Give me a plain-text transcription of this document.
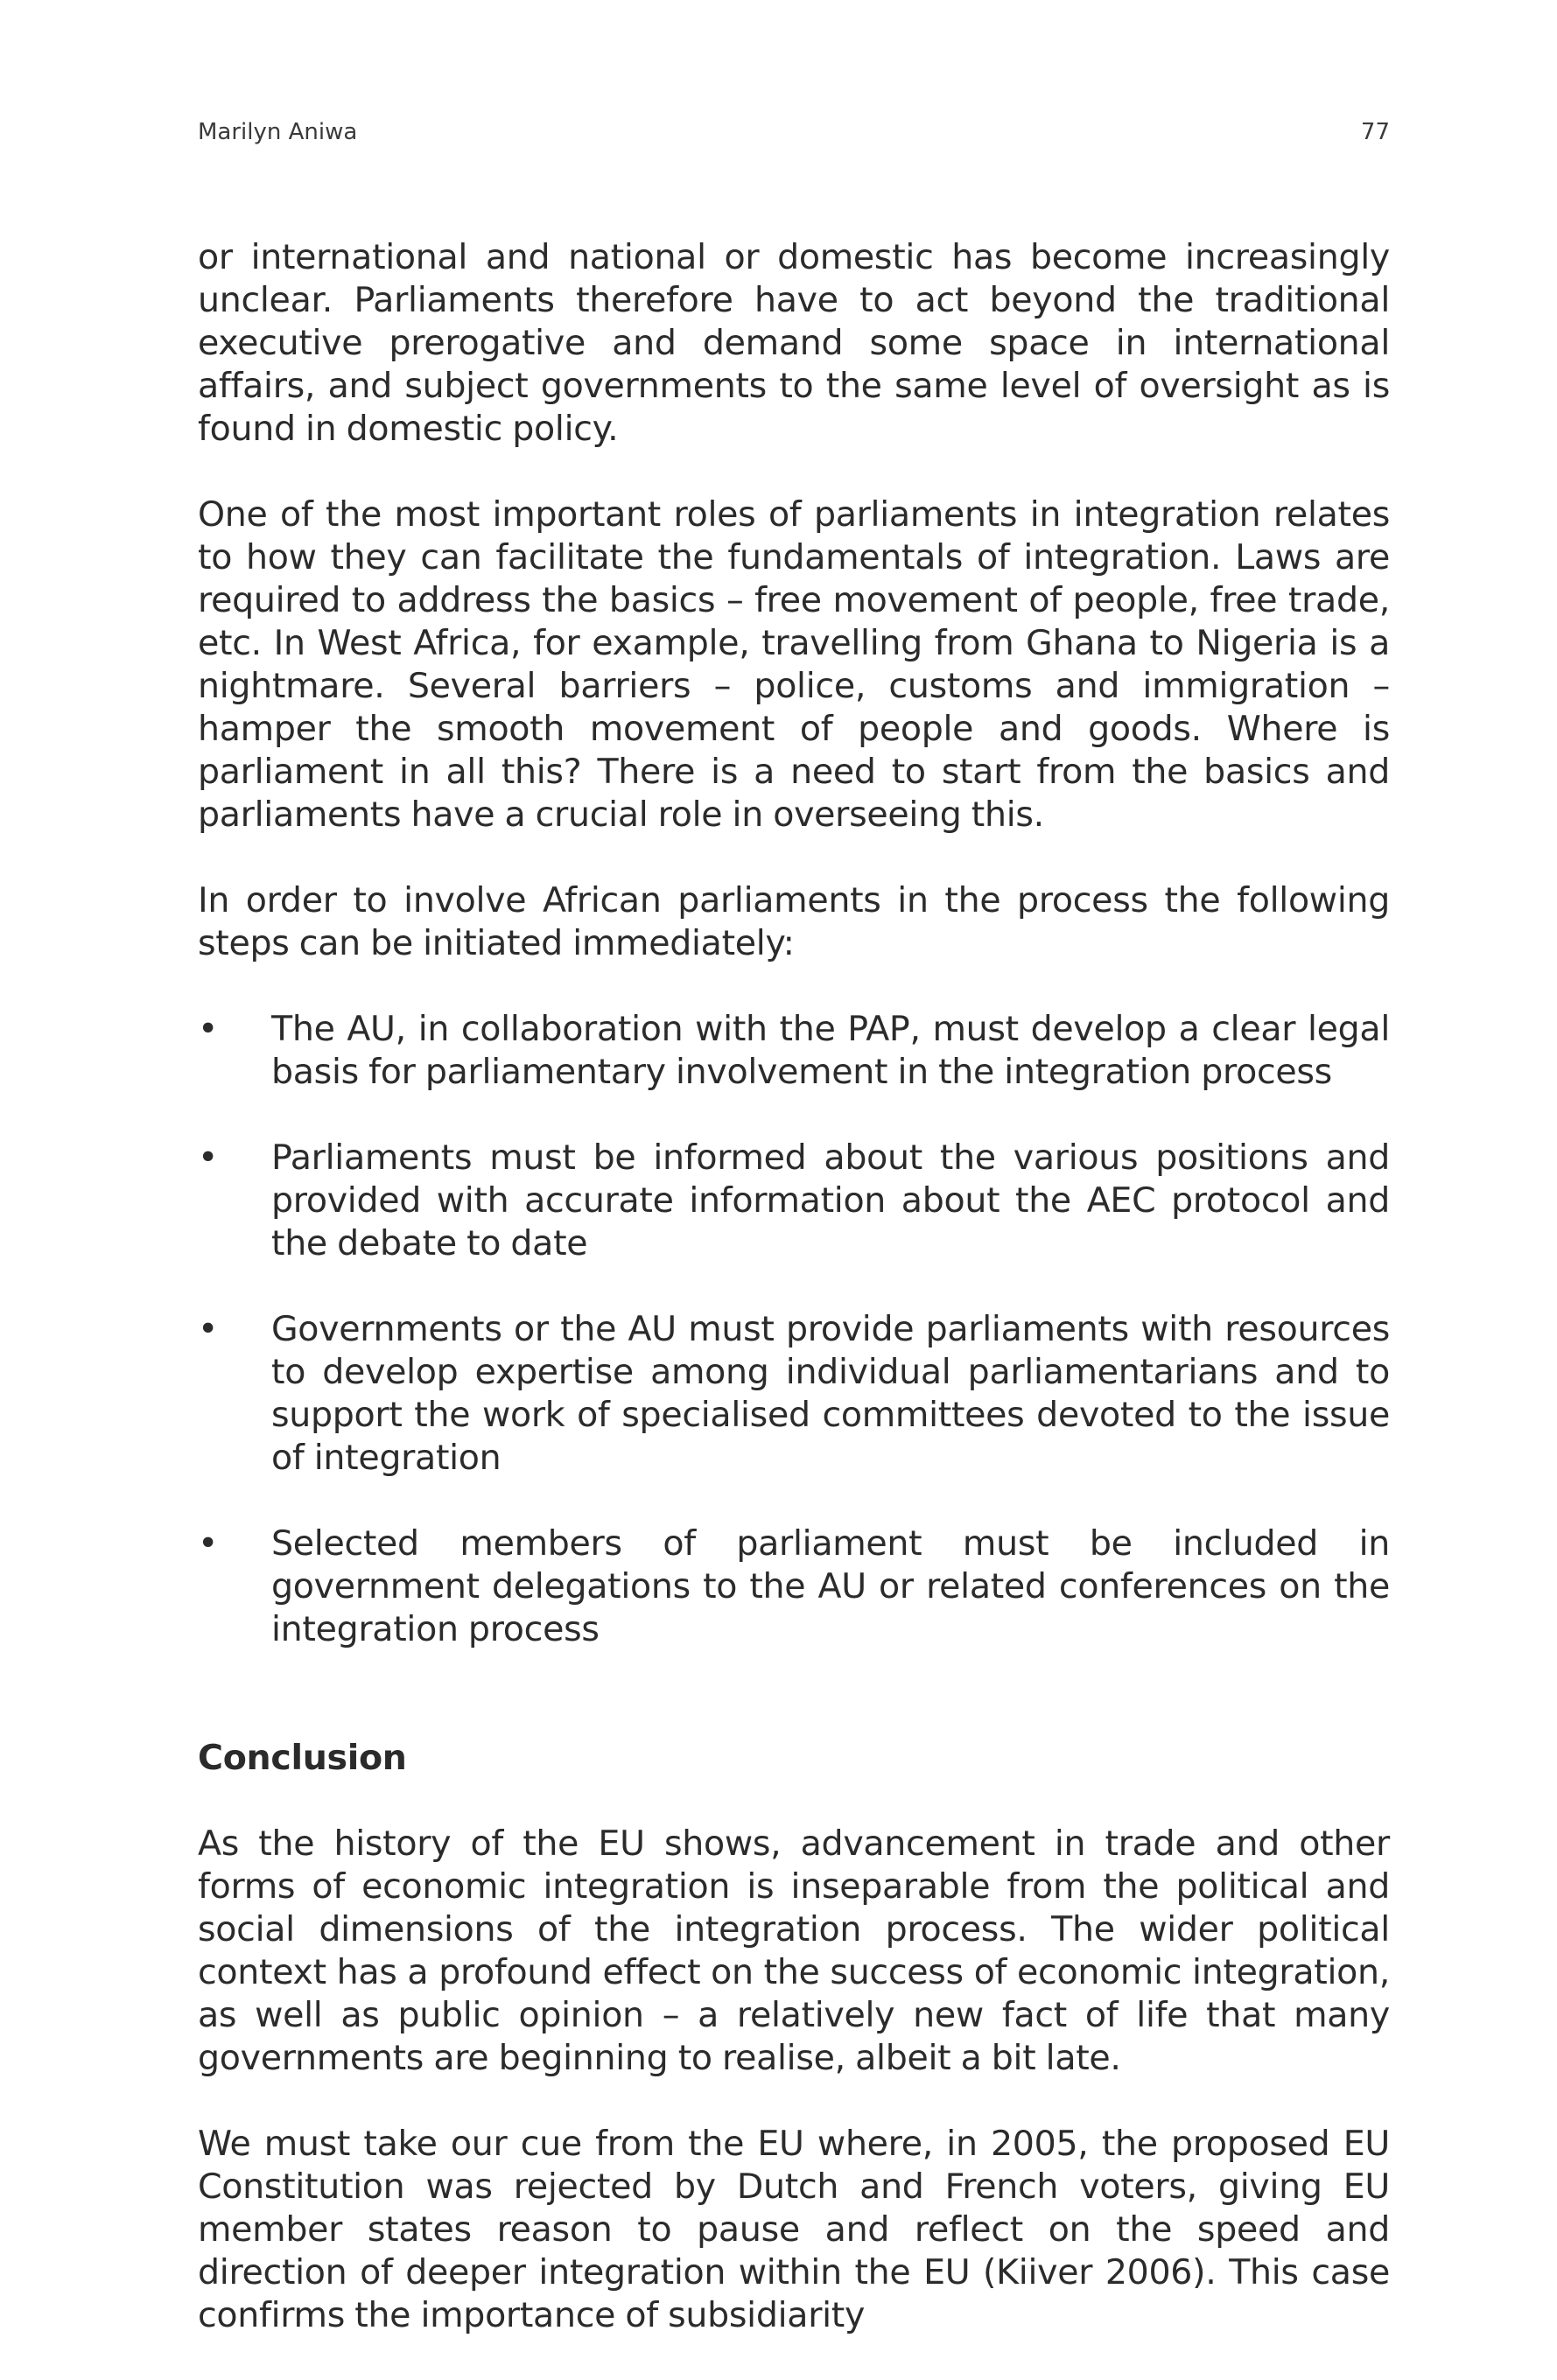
Marilyn Aniwa	77

or international and national or domestic has become increasingly unclear. Parliaments therefore have to act beyond the traditional executive prerogative and demand some space in international affairs, and subject governments to the same level of oversight as is found in domestic policy.

One of the most important roles of parliaments in integration relates to how they can facilitate the fundamentals of integration. Laws are required to address the basics – free movement of people, free trade, etc. In West Africa, for example, travelling from Ghana to Nigeria is a nightmare. Several barriers – police, customs and immigration – hamper the smooth movement of people and goods. Where is parliament in all this? There is a need to start from the basics and parliaments have a crucial role in overseeing this.

In order to involve African parliaments in the process the following steps can be initiated immediately:

• The AU, in collaboration with the PAP, must develop a clear legal basis for parliamentary involvement in the integration process
• Parliaments must be informed about the various positions and provided with accurate information about the AEC protocol and the debate to date
• Governments or the AU must provide parliaments with resources to develop expertise among individual parliamentarians and to support the work of specialised committees devoted to the issue of integration
• Selected members of parliament must be included in government delegations to the AU or related conferences on the integration process
Conclusion

As the history of the EU shows, advancement in trade and other forms of economic integration is inseparable from the political and social dimensions of the integration process. The wider political context has a profound effect on the success of economic integration, as well as public opinion – a relatively new fact of life that many governments are beginning to realise, albeit a bit late.

We must take our cue from the EU where, in 2005, the proposed EU Constitution was rejected by Dutch and French voters, giving EU member states reason to pause and reflect on the speed and direction of deeper integration within the EU (Kiiver 2006). This case confirms the importance of subsidiarity
